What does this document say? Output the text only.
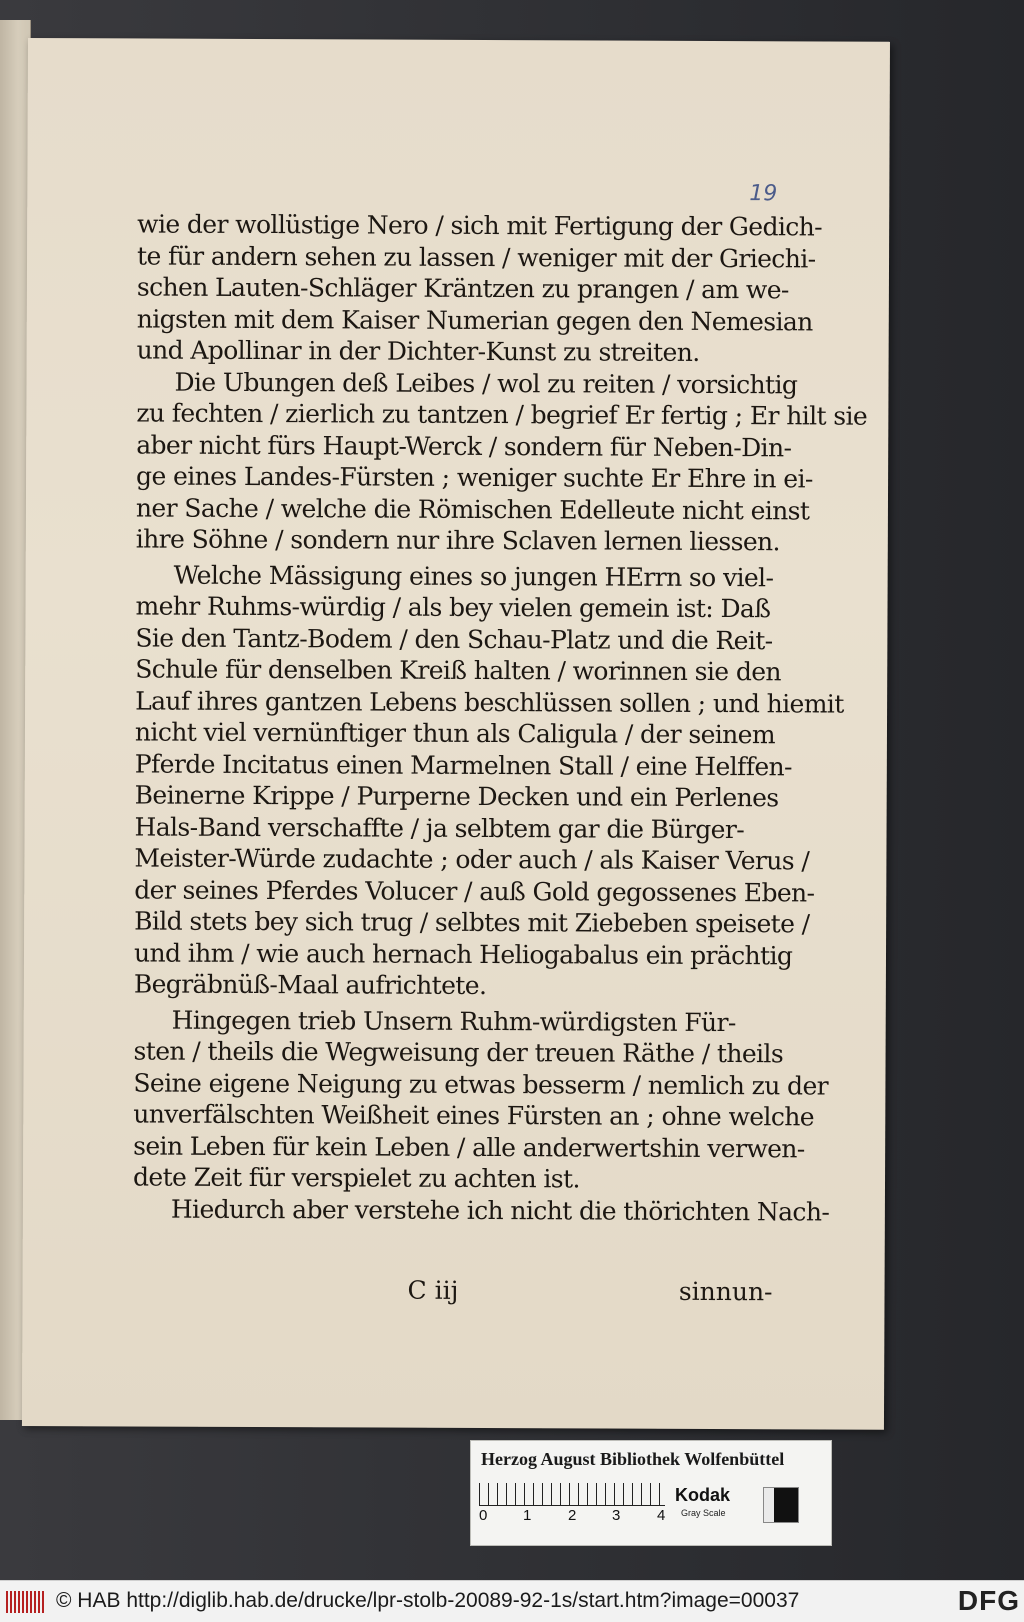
19
wie der wollüstige Nero / sich mit Fertigung der Gedich-
te für andern sehen zu lassen / weniger mit der Griechi-
schen Lauten-Schläger Kräntzen zu prangen / am we-
nigsten mit dem Kaiser Numerian gegen den Nemesian
und Apollinar in der Dichter-Kunst zu streiten.
Die Ubungen deß Leibes / wol zu reiten / vorsichtig
zu fechten / zierlich zu tantzen / begrief Er fertig ; Er hilt sie
aber nicht fürs Haupt-Werck / sondern für Neben-Din-
ge eines Landes-Fürsten ; weniger suchte Er Ehre in ei-
ner Sache / welche die Römischen Edelleute nicht einst
ihre Söhne / sondern nur ihre Sclaven lernen liessen.
Welche Mässigung eines so jungen HErrn so viel-
mehr Ruhms-würdig / als bey vielen gemein ist: Daß
Sie den Tantz-Bodem / den Schau-Platz und die Reit-
Schule für denselben Kreiß halten / worinnen sie den
Lauf ihres gantzen Lebens beschlüssen sollen ; und hiemit
nicht viel vernünftiger thun als Caligula / der seinem
Pferde Incitatus einen Marmelnen Stall / eine Helffen-
Beinerne Krippe / Purperne Decken und ein Perlenes
Hals-Band verschaffte / ja selbtem gar die Bürger-
Meister-Würde zudachte ; oder auch / als Kaiser Verus /
der seines Pferdes Volucer / auß Gold gegossenes Eben-
Bild stets bey sich trug / selbtes mit Ziebeben speisete /
und ihm / wie auch hernach Heliogabalus ein prächtig
Begräbnüß-Maal aufrichtete.
Hingegen trieb Unsern Ruhm-würdigsten Für-
sten / theils die Wegweisung der treuen Räthe / theils
Seine eigene Neigung zu etwas besserm / nemlich zu der
unverfälschten Weißheit eines Fürsten an ; ohne welche
sein Leben für kein Leben / alle anderwertshin verwen-
dete Zeit für verspielet zu achten ist.
Hiedurch aber verstehe ich nicht die thörichten Nach-
C iij	sinnun-
Herzog August Bibliothek Wolfenbüttel
0 1 2 3 4
Kodak
Gray Scale
© HAB http://diglib.hab.de/drucke/lpr-stolb-20089-92-1s/start.htm?image=00037	DFG
